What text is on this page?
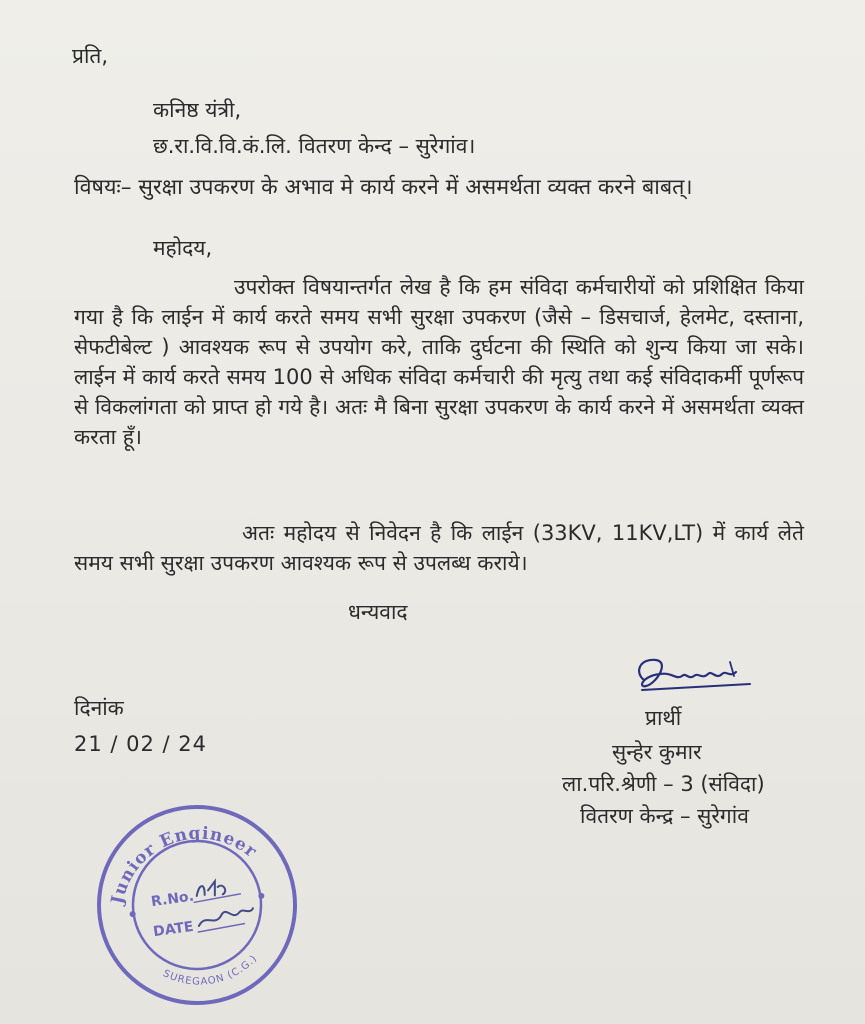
प्रति,
कनिष्ठ यंत्री,
छ.रा.वि.वि.कं.लि. वितरण केन्द – सुरेगांव।
विषयः– सुरक्षा उपकरण के अभाव मे कार्य करने में असमर्थता व्यक्त करने बाबत्।
महोदय,
उपरोक्त विषयान्तर्गत लेख है कि हम संविदा कर्मचारीयों को प्रशिक्षित किया गया है कि लाईन में कार्य करते समय सभी सुरक्षा उपकरण (जैसे – डिसचार्ज, हेलमेट, दस्ताना, सेफटीबेल्ट ) आवश्यक रूप से उपयोग करे, ताकि दुर्घटना की स्थिति को शुन्य किया जा सके। लाईन में कार्य करते समय 100 से अधिक संविदा कर्मचारी की मृत्यु तथा कई संविदाकर्मी पूर्णरूप से विकलांगता को प्राप्त हो गये है। अतः मै बिना सुरक्षा उपकरण के कार्य करने में असमर्थता व्यक्त करता हूँ।
अतः महोदय से निवेदन है कि लाईन (33KV, 11KV,LT) में कार्य लेते समय सभी सुरक्षा उपकरण आवश्यक रूप से उपलब्ध कराये।
धन्यवाद
दिनांक
21 / 02 / 24
प्रार्थी
सुन्हेर कुमार
ला.परि.श्रेणी – 3 (संविदा)
वितरण केन्द्र – सुरेगांव
Junior Engineer
SUREGAON (C.G.)
R.No.
DATE
